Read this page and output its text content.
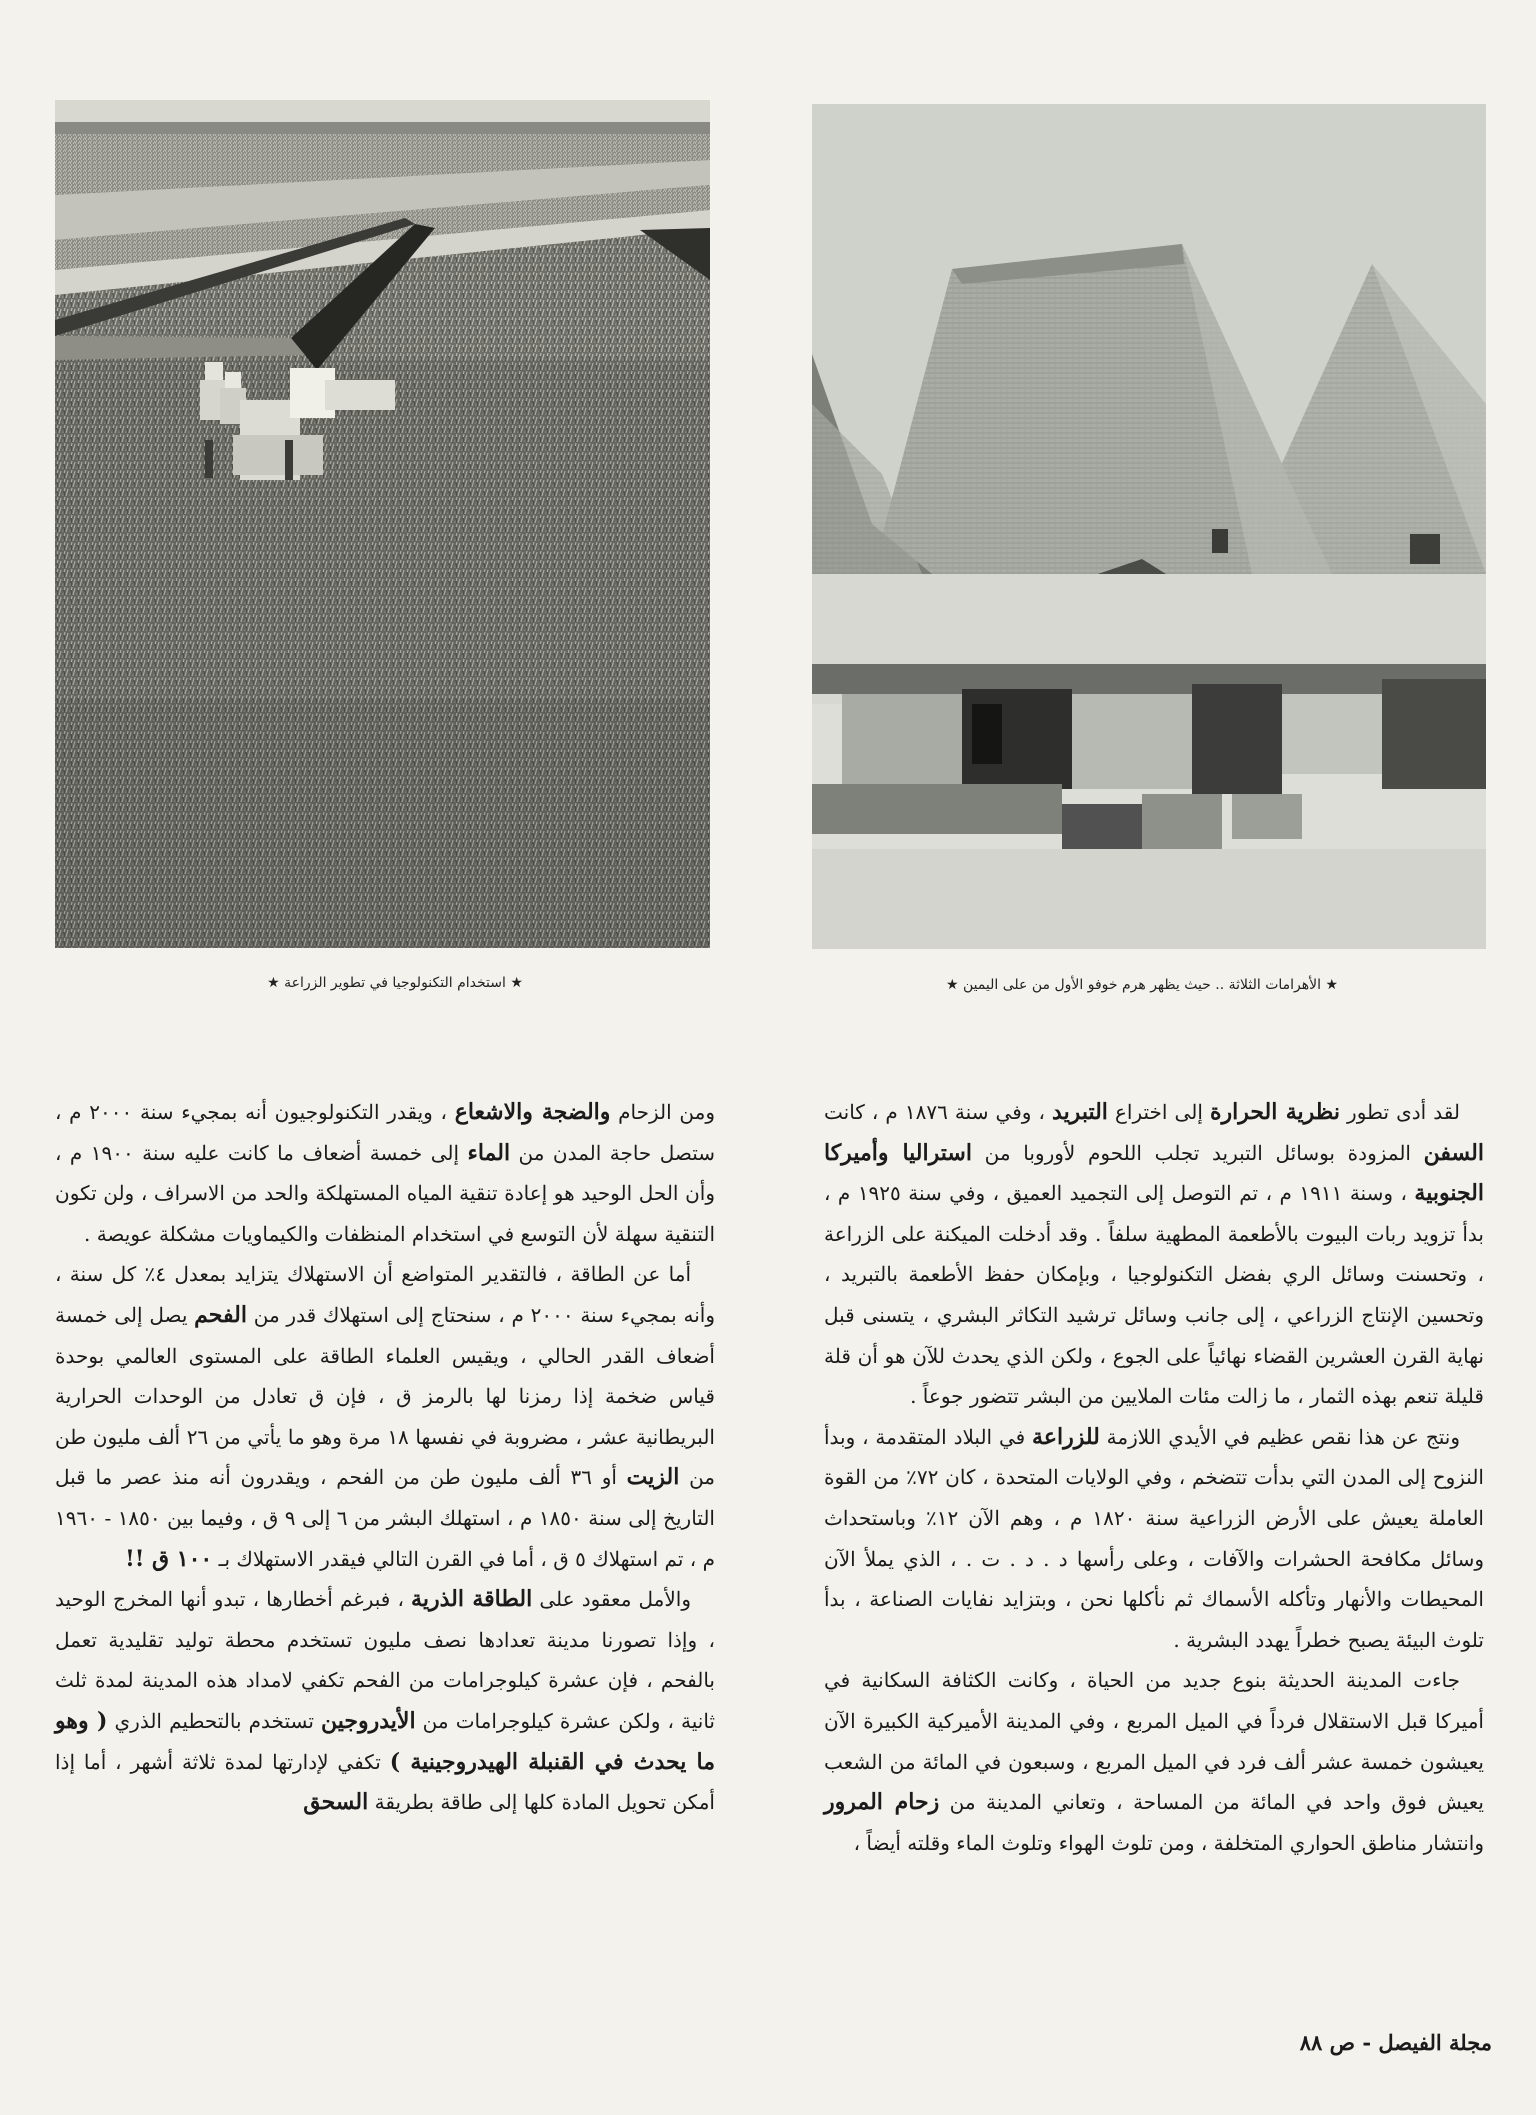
★ استخدام التكنولوجيا في تطوير الزراعة ★	★ الأهرامات الثلاثة .. حيث يظهر هرم خوفو الأول من على اليمين ★

لقد أدى تطور نظرية الحرارة إلى اختراع التبريد ، وفي سنة ١٨٧٦ م ، كانت السفن المزودة بوسائل التبريد تجلب اللحوم لأوروبا من استراليا وأميركا الجنوبية ، وسنة ١٩١١ م ، تم التوصل إلى التجميد العميق ، وفي سنة ١٩٢٥ م ، بدأ تزويد ربات البيوت بالأطعمة المطهية سلفاً . وقد أدخلت الميكنة على الزراعة ، وتحسنت وسائل الري بفضل التكنولوجيا ، وبإمكان حفظ الأطعمة بالتبريد ، وتحسين الإنتاج الزراعي ، إلى جانب وسائل ترشيد التكاثر البشري ، يتسنى قبل نهاية القرن العشرين القضاء نهائياً على الجوع ، ولكن الذي يحدث للآن هو أن قلة قليلة تنعم بهذه الثمار ، ما زالت مئات الملايين من البشر تتضور جوعاً .

ونتج عن هذا نقص عظيم في الأيدي اللازمة للزراعة في البلاد المتقدمة ، وبدأ النزوح إلى المدن التي بدأت تتضخم ، وفي الولايات المتحدة ، كان ٧٢٪ من القوة العاملة يعيش على الأرض الزراعية سنة ١٨٢٠ م ، وهم الآن ١٢٪ وباستحداث وسائل مكافحة الحشرات والآفات ، وعلى رأسها د . د . ت . ، الذي يملأ الآن المحيطات والأنهار وتأكله الأسماك ثم نأكلها نحن ، وبتزايد نفايات الصناعة ، بدأ تلوث البيئة يصبح خطراً يهدد البشرية .

جاءت المدينة الحديثة بنوع جديد من الحياة ، وكانت الكثافة السكانية في أميركا قبل الاستقلال فرداً في الميل المربع ، وفي المدينة الأميركية الكبيرة الآن يعيشون خمسة عشر ألف فرد في الميل المربع ، وسبعون في المائة من الشعب يعيش فوق واحد في المائة من المساحة ، وتعاني المدينة من زحام المرور وانتشار مناطق الحواري المتخلفة ، ومن تلوث الهواء وتلوث الماء وقلته أيضاً ،

ومن الزحام والضجة والاشعاع ، ويقدر التكنولوجيون أنه بمجيء سنة ٢٠٠٠ م ، ستصل حاجة المدن من الماء إلى خمسة أضعاف ما كانت عليه سنة ١٩٠٠ م ، وأن الحل الوحيد هو إعادة تنقية المياه المستهلكة والحد من الاسراف ، ولن تكون التنقية سهلة لأن التوسع في استخدام المنظفات والكيماويات مشكلة عويصة .

أما عن الطاقة ، فالتقدير المتواضع أن الاستهلاك يتزايد بمعدل ٤٪ كل سنة ، وأنه بمجيء سنة ٢٠٠٠ م ، سنحتاج إلى استهلاك قدر من الفحم يصل إلى خمسة أضعاف القدر الحالي ، ويقيس العلماء الطاقة على المستوى العالمي بوحدة قياس ضخمة إذا رمزنا لها بالرمز ق ، فإن ق تعادل من الوحدات الحرارية البريطانية عشر ، مضروبة في نفسها ١٨ مرة وهو ما يأتي من ٢٦ ألف مليون طن من الزيت أو ٣٦ ألف مليون طن من الفحم ، ويقدرون أنه منذ عصر ما قبل التاريخ إلى سنة ١٨٥٠ م ، استهلك البشر من ٦ إلى ٩ ق ، وفيما بين ١٨٥٠ - ١٩٦٠ م ، تم استهلاك ٥ ق ، أما في القرن التالي فيقدر الاستهلاك بـ ١٠٠ ق !!

والأمل معقود على الطاقة الذرية ، فبرغم أخطارها ، تبدو أنها المخرج الوحيد ، وإذا تصورنا مدينة تعدادها نصف مليون تستخدم محطة توليد تقليدية تعمل بالفحم ، فإن عشرة كيلوجرامات من الفحم تكفي لامداد هذه المدينة لمدة ثلث ثانية ، ولكن عشرة كيلوجرامات من الأيدروجين تستخدم بالتحطيم الذري ( وهو ما يحدث في القنبلة الهيدروجينية ) تكفي لإدارتها لمدة ثلاثة أشهر ، أما إذا أمكن تحويل المادة كلها إلى طاقة بطريقة السحق

مجلة الفيصل - ص ٨٨
